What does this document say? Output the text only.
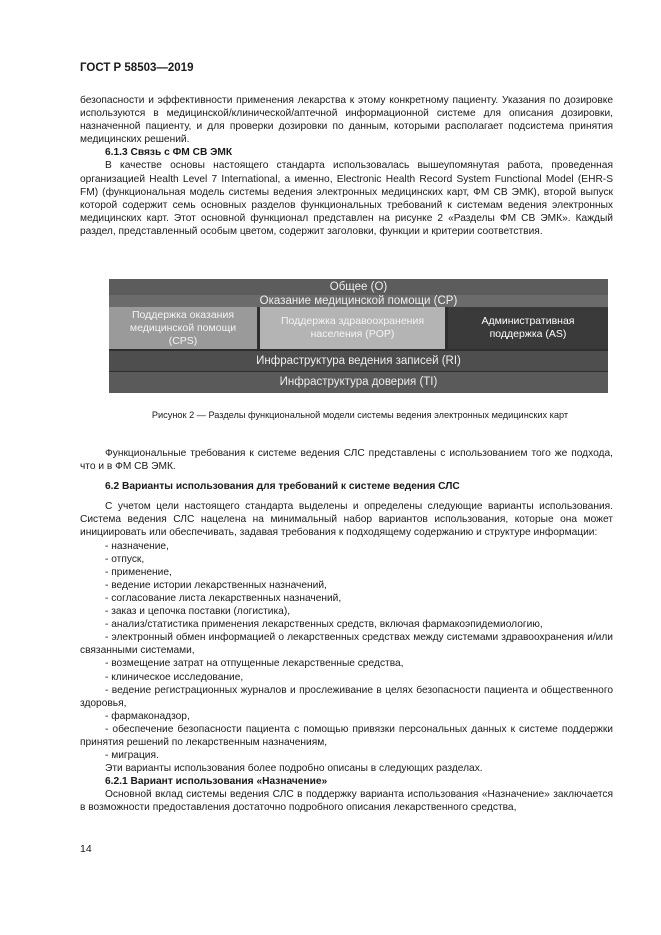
ГОСТ Р 58503—2019

безопасности и эффективности применения лекарства к этому конкретному пациенту. Указания по дозировке используются в медицинской/клинической/аптечной информационной системе для описания дозировки, назначенной пациенту, и для проверки дозировки по данным, которыми располагает подсистема принятия медицинских решений.

6.1.3 Связь с ФМ СВ ЭМК

В качестве основы настоящего стандарта использовалась вышеупомянутая работа, проведенная организацией Health Level 7 International, а именно, Electronic Health Record System Functional Model (EHR-S FM) (функциональная модель системы ведения электронных медицинских карт, ФМ СВ ЭМК), второй выпуск которой содержит семь основных разделов функциональных требований к системам ведения электронных медицинских карт. Этот основной функционал представлен на рисунке 2 «Разделы ФМ СВ ЭМК». Каждый раздел, представленный особым цветом, содержит заголовки, функции и критерии соответствия.

Общее (О)
Оказание медицинской помощи (СР)
Поддержка оказания медицинской помощи (CPS)
Поддержка здравоохранения населения (POP)
Административная поддержка (AS)
Инфраструктура ведения записей (RI)
Инфраструктура доверия (TI)
Рисунок 2 — Разделы функциональной модели системы ведения электронных медицинских карт

Функциональные требования к системе ведения СЛС представлены с использованием того же подхода, что и в ФМ СВ ЭМК.

6.2 Варианты использования для требований к системе ведения СЛС

С учетом цели настоящего стандарта выделены и определены следующие варианты использования. Система ведения СЛС нацелена на минимальный набор вариантов использования, которые она может инициировать или обеспечивать, задавая требования к подходящему содержанию и структуре информации:

- назначение,

- отпуск,

- применение,

- ведение истории лекарственных назначений,

- согласование листа лекарственных назначений,

- заказ и цепочка поставки (логистика),

- анализ/статистика применения лекарственных средств, включая фармакоэпидемиологию,

- электронный обмен информацией о лекарственных средствах между системами здравоохранения и/или связанными системами,

- возмещение затрат на отпущенные лекарственные средства,

- клиническое исследование,

- ведение регистрационных журналов и прослеживание в целях безопасности пациента и общественного здоровья,

- фармаконадзор,

- обеспечение безопасности пациента с помощью привязки персональных данных к системе поддержки принятия решений по лекарственным назначениям,

- миграция.

Эти варианты использования более подробно описаны в следующих разделах.

6.2.1 Вариант использования «Назначение»

Основной вклад системы ведения СЛС в поддержку варианта использования «Назначение» заключается в возможности предоставления достаточно подробного описания лекарственного средства,

14
